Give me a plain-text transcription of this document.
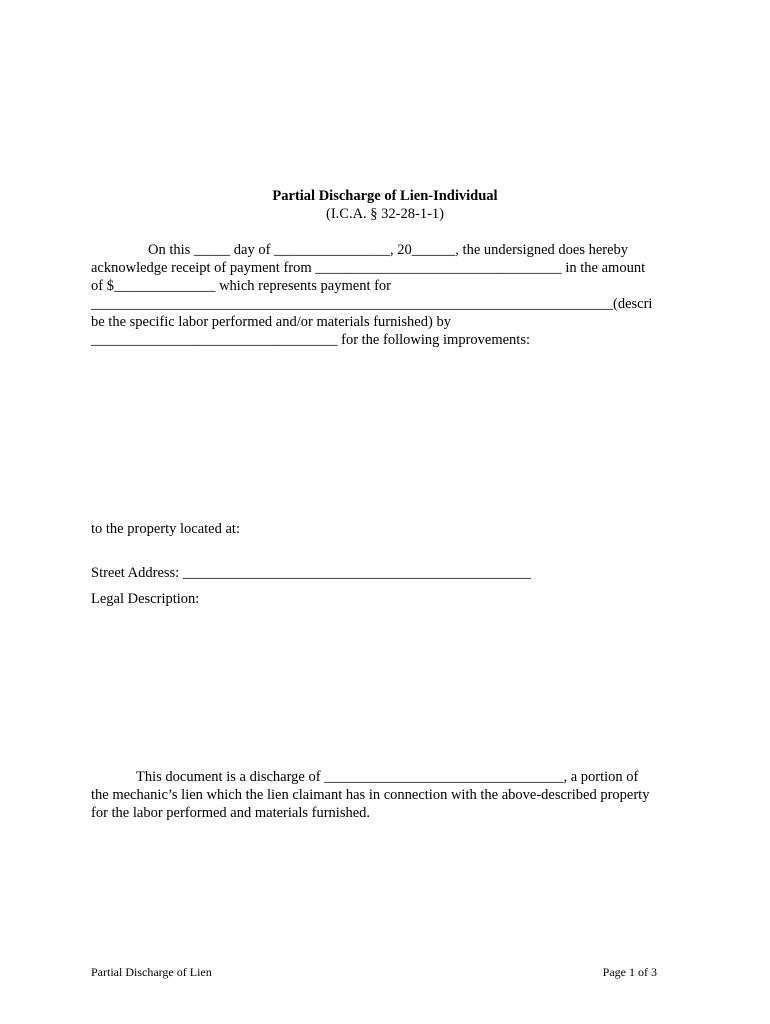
Partial Discharge of Lien-Individual
(I.C.A. § 32-28-1-1)
On this _____ day of ________________, 20______, the undersigned does hereby
acknowledge receipt of payment from __________________________________ in the amount
of $______________ which represents payment for
________________________________________________________________________(descri
be the specific labor performed and/or materials furnished) by
__________________________________ for the following improvements:
to the property located at:
Street Address: ________________________________________________
Legal Description:
This document is a discharge of _________________________________, a portion of
the mechanic’s lien which the lien claimant has in connection with the above-described property
for the labor performed and materials furnished.
Partial Discharge of Lien	Page 1 of 3
